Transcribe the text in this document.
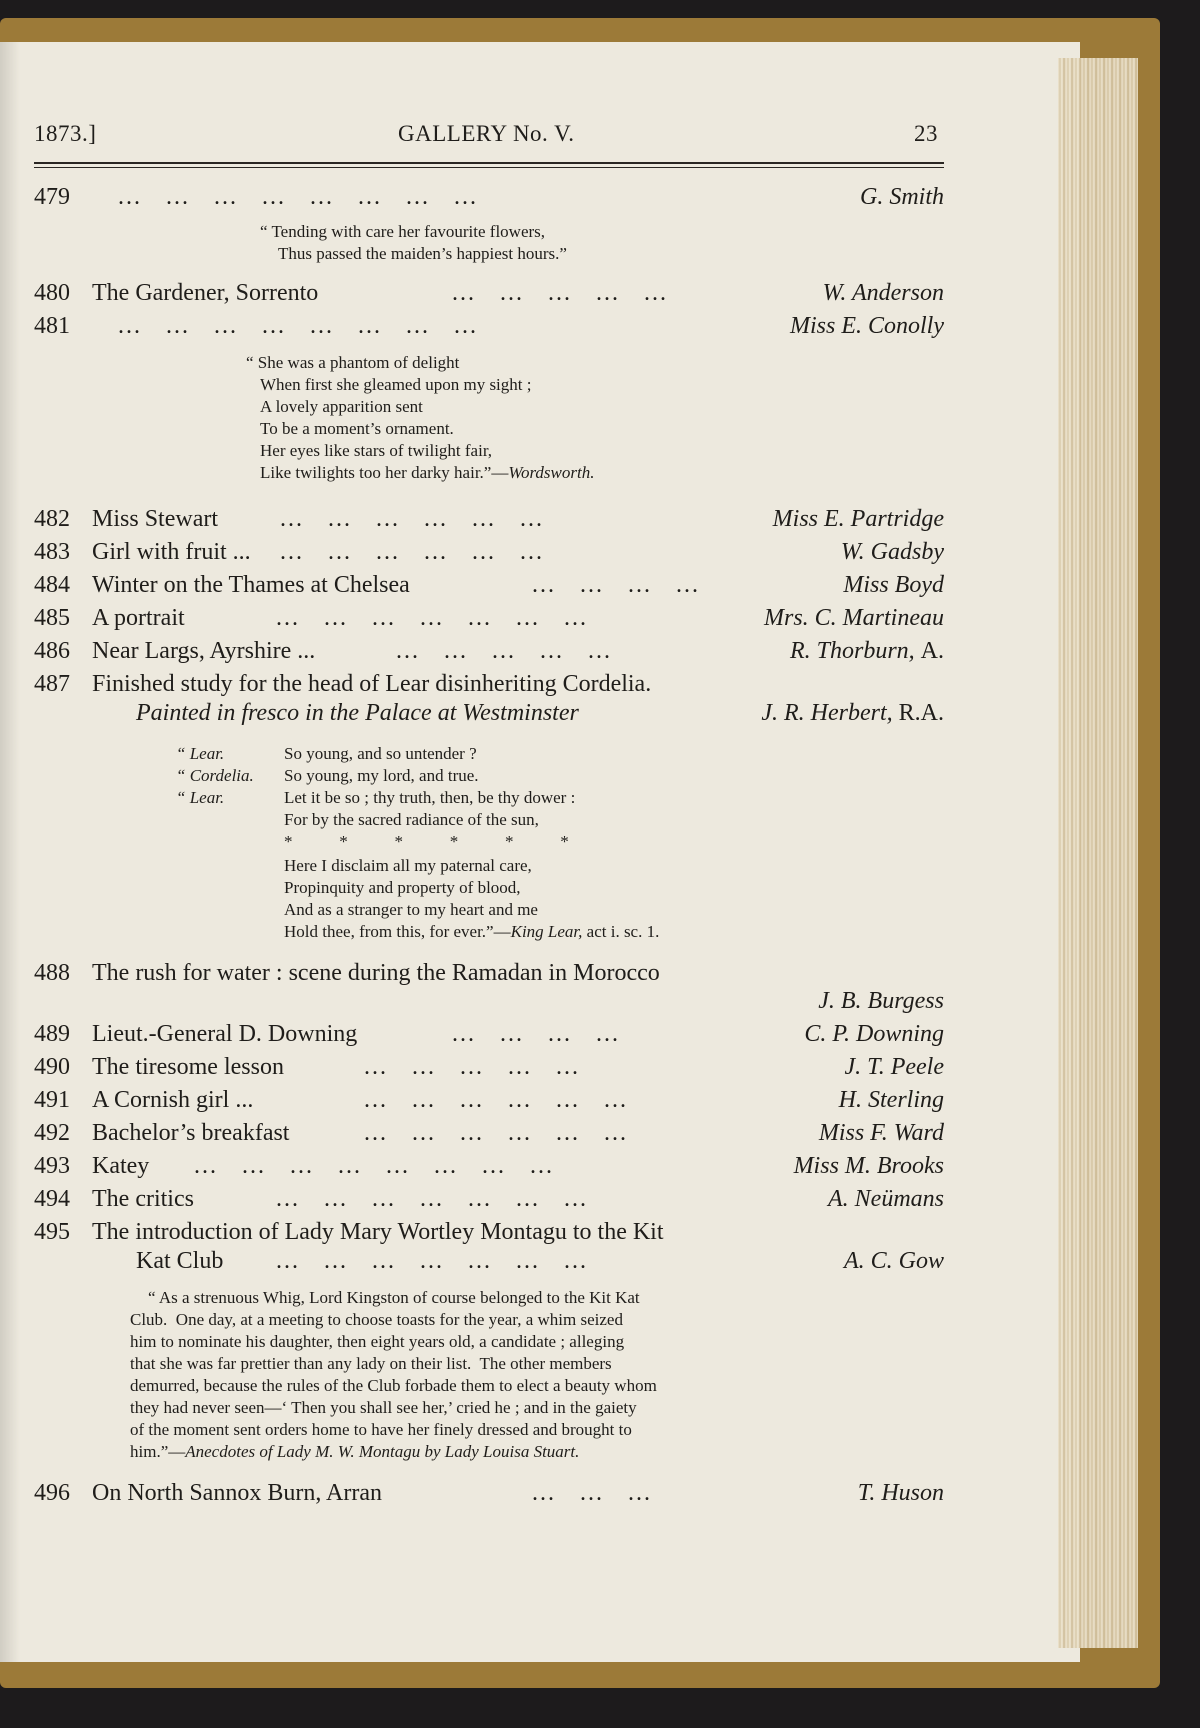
1873.]	GALLERY No. V.	23
479 ...   ...   ...   ...   ...   ...   ...   ...	G. Smith
“ Tending with care her favourite flowers,
Thus passed the maiden’s happiest hours.”
480 The Gardener, Sorrento	...   ...   ...   ...   ...	W. Anderson
481 ...   ...   ...   ...   ...   ...   ...   ...	Miss E. Conolly
“ She was a phantom of delight
When first she gleamed upon my sight ;
A lovely apparition sent
To be a moment’s ornament.
Her eyes like stars of twilight fair,
Like twilights too her darky hair.”—Wordsworth.
482 Miss Stewart	...   ...   ...   ...   ...   ...	Miss E. Partridge
483 Girl with fruit ... ...   ...   ...   ...   ...   ...	W. Gadsby
484 Winter on the Thames at Chelsea	...   ...   ...   ...	Miss Boyd
485 A portrait	...   ...   ...   ...   ...   ...   ...	Mrs. C. Martineau
486 Near Largs, Ayrshire ...	...   ...   ...   ...   ...	R. Thorburn, A.
487 Finished study for the head of Lear disinheriting Cordelia.
Painted in fresco in the Palace at Westminster	J. R. Herbert, R.A.
“ Lear.	So young, and so untender ?
“ Cordelia. So young, my lord, and true.
“ Lear.	Let it be so ; thy truth, then, be thy dower :
For by the sacred radiance of the sun,
*           *           *           *           *           *
Here I disclaim all my paternal care,
Propinquity and property of blood,
And as a stranger to my heart and me
Hold thee, from this, for ever.”—King Lear, act i. sc. 1.
488 The rush for water : scene during the Ramadan in Morocco
J. B. Burgess
489 Lieut.-General D. Downing	...   ...   ...   ...	C. P. Downing
490 The tiresome lesson	...   ...   ...   ...   ...	J. T. Peele
491 A Cornish girl ...	...   ...   ...   ...   ...   ...	H. Sterling
492 Bachelor’s breakfast	...   ...   ...   ...   ...   ...	Miss F. Ward
493 Katey ...   ...   ...   ...   ...   ...   ...   ...	Miss M. Brooks
494 The critics	...   ...   ...   ...   ...   ...   ...	A. Neümans
495 The introduction of Lady Mary Wortley Montagu to the Kit
Kat Club ...   ...   ...   ...   ...   ...   ...	A. C. Gow
“ As a strenuous Whig, Lord Kingston of course belonged to the Kit Kat
Club.  One day, at a meeting to choose toasts for the year, a whim seized
him to nominate his daughter, then eight years old, a candidate ; alleging
that she was far prettier than any lady on their list.  The other members
demurred, because the rules of the Club forbade them to elect a beauty whom
they had never seen—‘ Then you shall see her,’ cried he ; and in the gaiety
of the moment sent orders home to have her finely dressed and brought to
him.”—Anecdotes of Lady M. W. Montagu by Lady Louisa Stuart.
496 On North Sannox Burn, Arran	...   ...   ...	T. Huson
